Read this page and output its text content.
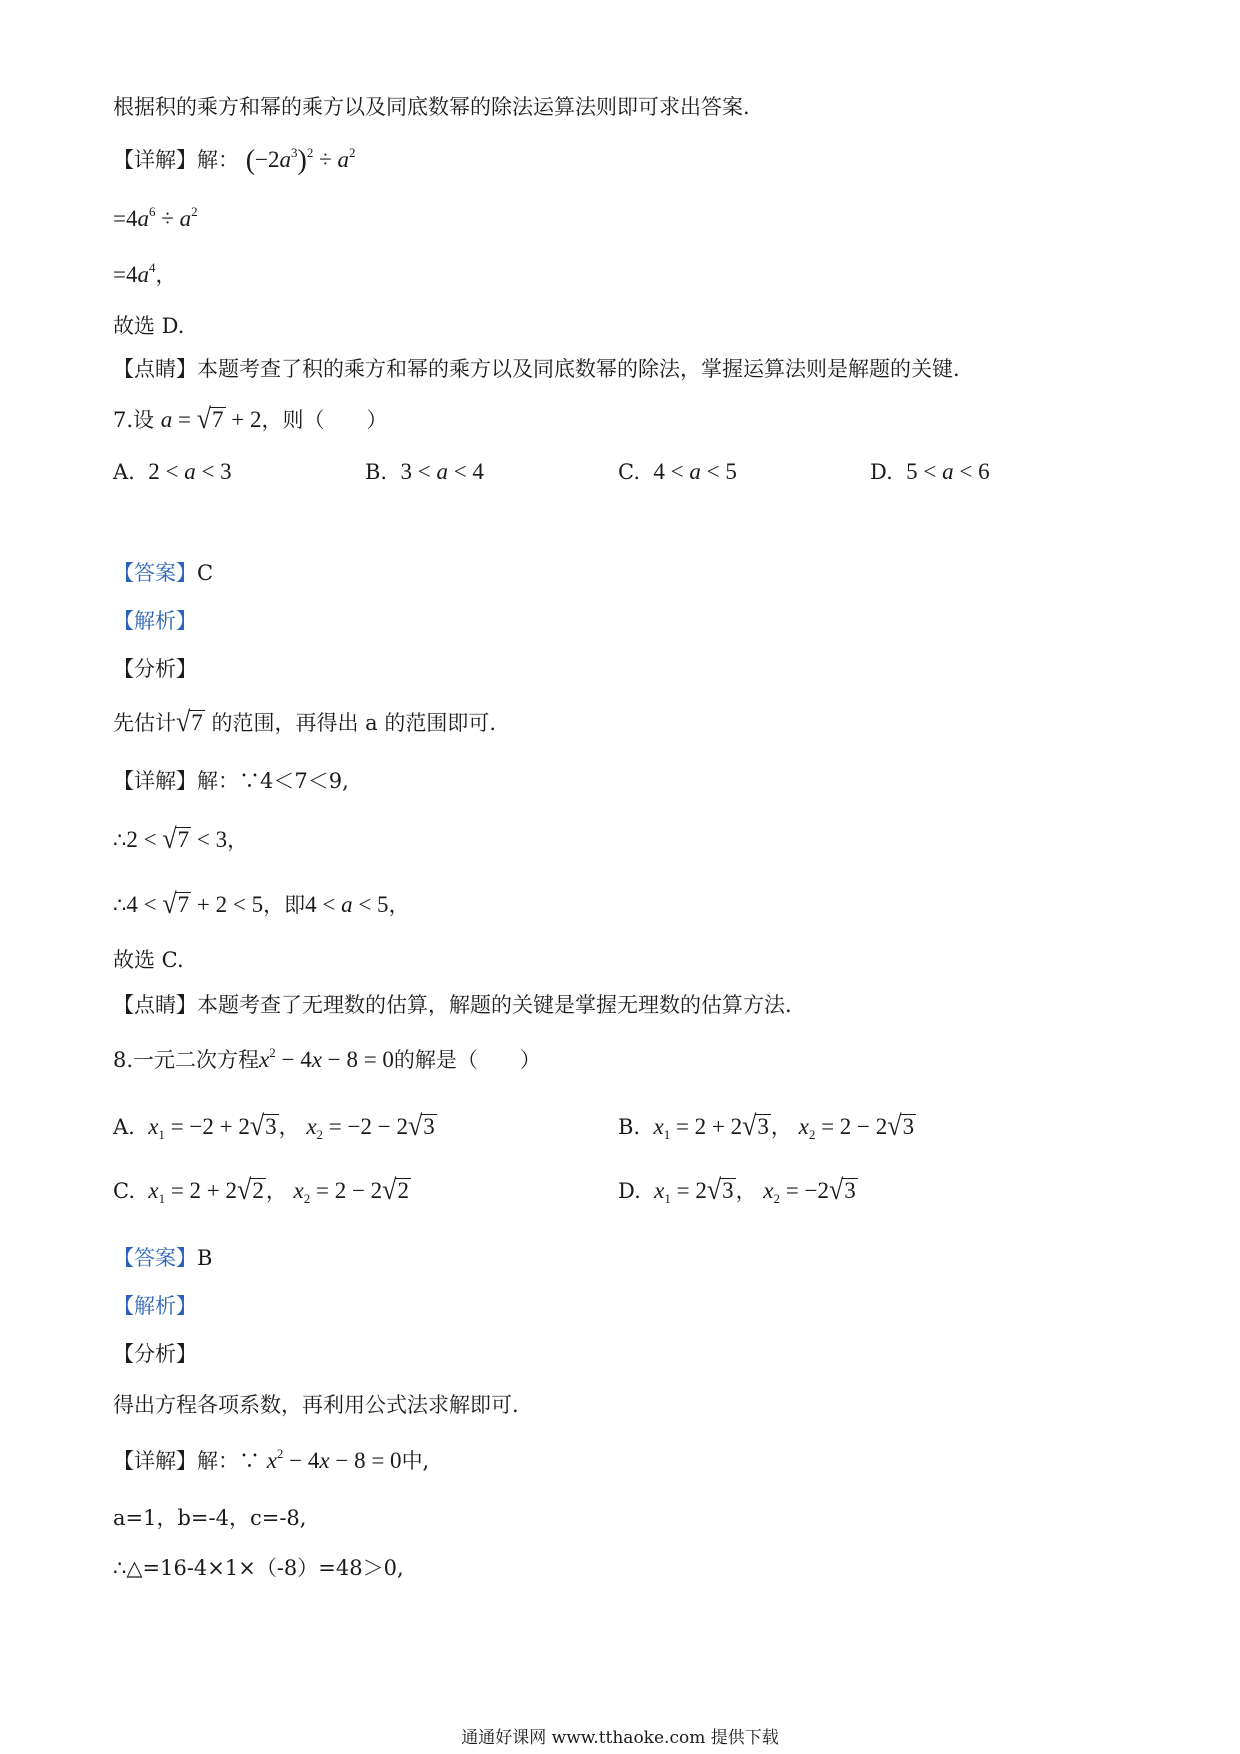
根据积的乘方和幂的乘方以及同底数幂的除法运算法则即可求出答案.
【详解】解： $(-2a^3)^2 \div a^2$
$=4a^6 \div a^2$
$=4a^4$，
故选 D.
【点睛】本题考查了积的乘方和幂的乘方以及同底数幂的除法，掌握运算法则是解题的关键.
7.设 a = √7 + 2，则（　　）
A. 2 < a < 3	B. 3 < a < 4	C. 4 < a < 5	D. 5 < a < 6
【答案】C
【解析】
【分析】
先估计√7 的范围，再得出 a 的范围即可.
【详解】解：∵4＜7＜9,
∴2 < √7 < 3，
∴4 < √7 + 2 < 5，即4 < a < 5，
故选 C.
【点睛】本题考查了无理数的估算，解题的关键是掌握无理数的估算方法.
8.一元二次方程$x^2 - 4x - 8 = 0$的解是（　　）
A. $x_1 = -2 + 2√3$， $x_2 = -2 - 2√3$	B. $x_1 = 2 + 2√3$， $x_2 = 2 - 2√3$
C. $x_1 = 2 + 2√2$， $x_2 = 2 - 2√2$	D. $x_1 = 2√3$， $x_2 = -2√3$
【答案】B
【解析】
【分析】
得出方程各项系数，再利用公式法求解即可.
【详解】解：∵ $x^2 - 4x - 8 = 0$中,
a=1，b=-4，c=-8,
∴△=16-4×1×（-8）=48＞0,
通通好课网 www.tthaoke.com 提供下载
